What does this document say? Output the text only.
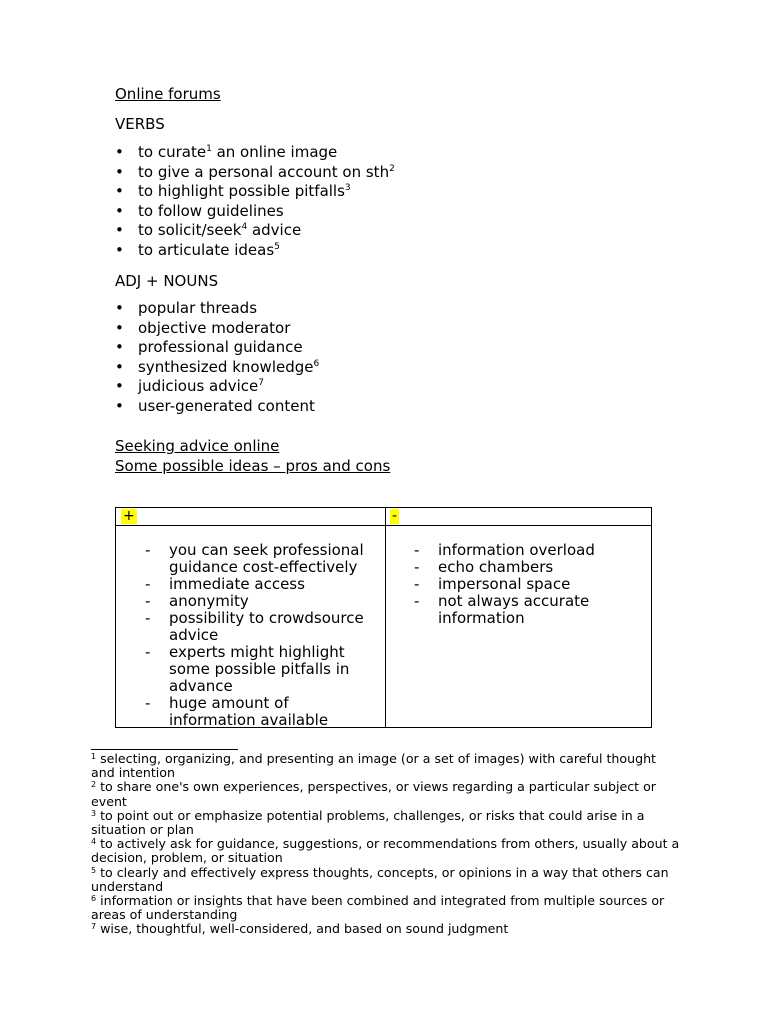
Online forums
VERBS
• to curate$^1$ an online image
• to give a personal account on sth$^2$
• to highlight possible pitfalls$^3$
• to follow guidelines
• to solicit/seek$^4$ advice
• to articulate ideas$^5$
ADJ + NOUNS
• popular threads
• objective moderator
• professional guidance
• synthesized knowledge$^6$
• judicious advice$^7$
• user-generated content
Seeking advice online
Some possible ideas – pros and cons
+	-
- you can seek professional guidance cost-effectively
- immediate access
- anonymity
- possibility to crowdsource advice
- experts might highlight some possible pitfalls in advance
- huge amount of information available
- information overload
- echo chambers
- impersonal space
- not always accurate information
$^1$ selecting, organizing, and presenting an image (or a set of images) with careful thought and intention
$^2$ to share one's own experiences, perspectives, or views regarding a particular subject or event
$^3$ to point out or emphasize potential problems, challenges, or risks that could arise in a situation or plan
$^4$ to actively ask for guidance, suggestions, or recommendations from others, usually about a decision, problem, or situation
$^5$ to clearly and effectively express thoughts, concepts, or opinions in a way that others can understand
$^6$ information or insights that have been combined and integrated from multiple sources or areas of understanding
$^7$ wise, thoughtful, well-considered, and based on sound judgment
